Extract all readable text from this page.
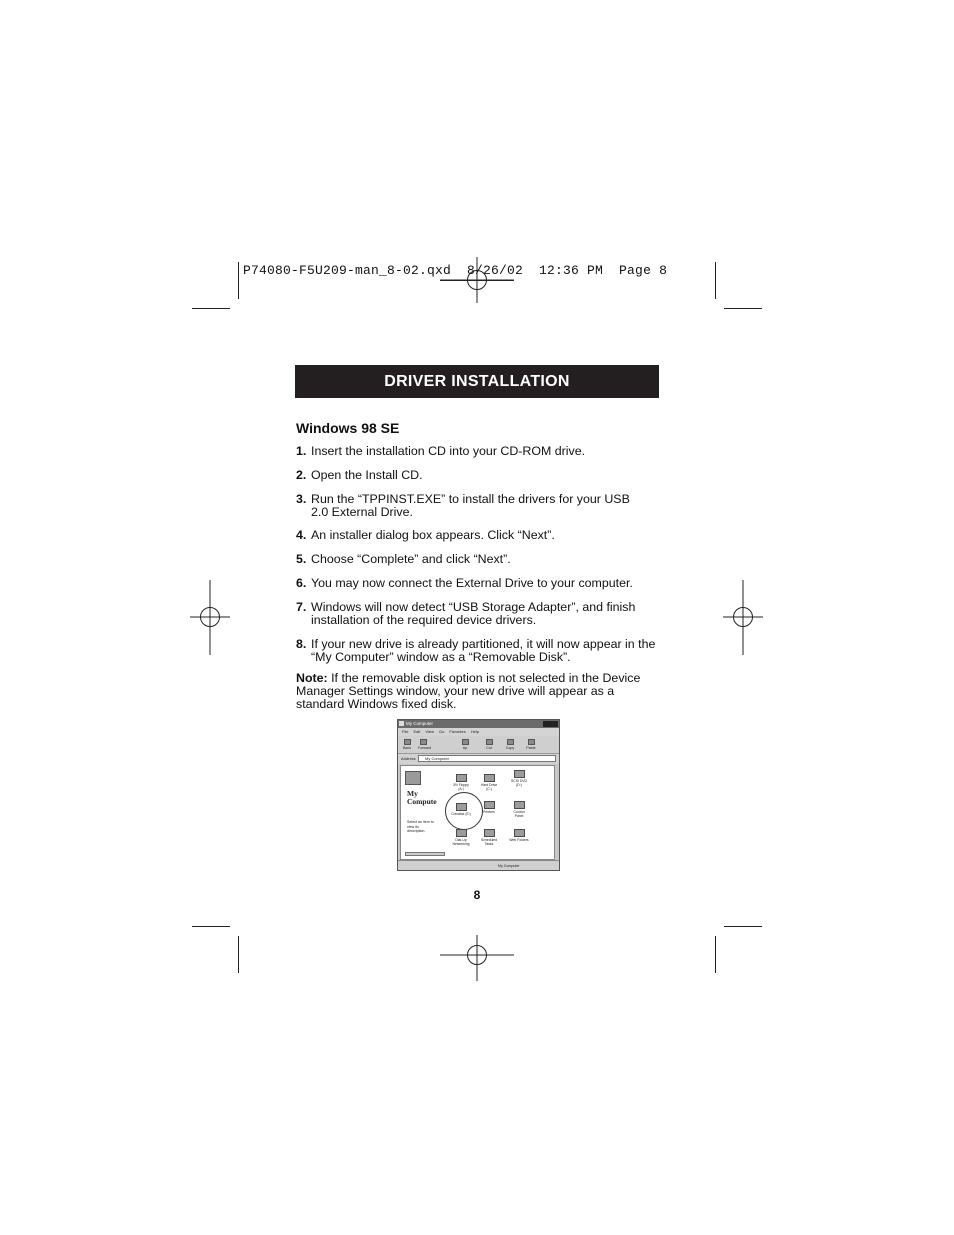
P74080-F5U209-man_8-02.qxd  8/26/02  12:36 PM  Page 8
DRIVER INSTALLATION
Windows 98 SE
1. Insert the installation CD into your CD-ROM drive.
2. Open the Install CD.
3. Run the “TPPINST.EXE” to install the drivers for your USB 2.0 External Drive.
4. An installer dialog box appears. Click “Next”.
5. Choose “Complete” and click “Next”.
6. You may now connect the External Drive to your computer.
7. Windows will now detect “USB Storage Adapter”, and finish installation of the required device drivers.
8. If your new drive is already partitioned, it will now appear in the “My Computer” window as a “Removable Disk”.
Note: If the removable disk option is not selected in the Device Manager Settings window, your new drive will appear as a standard Windows fixed disk.
My Computer
File Edit View Go Favorites Help
Back Forward	Up	Cut	Copy	Paste
Address	My Computer
My Compute
Select an item to view its description.
3½ Floppy (A:)
Hard Drive (C:)
SCSI DVD (D:)
Cotodisk (E:)	Printers	Control Panel
Dial-Up Networking
Scheduled Tasks
Web Folders
My Computer
8
